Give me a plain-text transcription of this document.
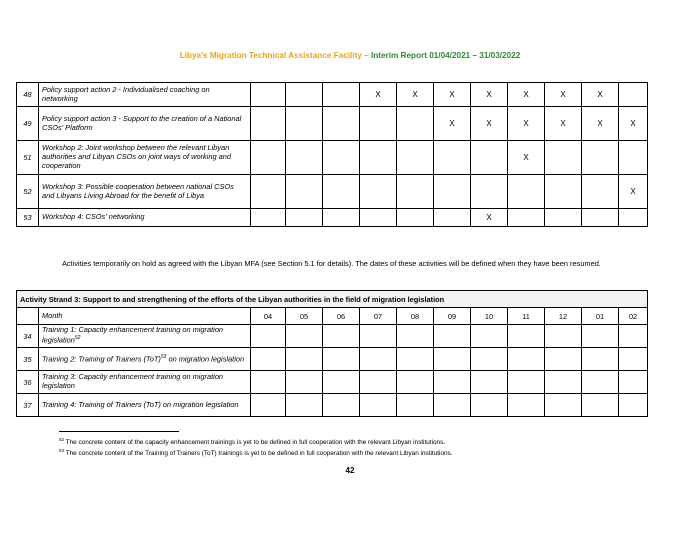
Libya's Migration Technical Assistance Facility – Interim Report 01/04/2021 – 31/03/2022
48	Policy support action 2 - Individualised coaching on networking				X	X	X	X	X	X	X	
49	Policy support action 3 - Support to the creation of a National CSOs' Platform						X	X	X	X	X	X
51	Workshop 2: Joint workshop between the relevant Libyan authorities and Libyan CSOs on joint ways of working and cooperation								X			
52	Workshop 3: Possible cooperation between national CSOs and Libyans Living Abroad for the benefit of Libya											X
53	Workshop 4: CSOs' networking							X				
Activities temporarily on hold as agreed with the Libyan MFA (see Section 5.1 for details). The dates of these activities will be defined when they have been resumed.
Activity Strand 3: Support to and strengthening of the efforts of the Libyan authorities in the field of migration legislation												
	Month	04	05	06	07	08	09	10	11	12	01	02
34	Training 1: Capacity enhancement training on migration legislation$^{52}$											
35	Training 2: Training of Trainers (ToT)$^{53}$ on migration legislation											
36	Training 3: Capacity enhancement training on migration legislation											
37	Training 4: Training of Trainers (ToT) on migration legislation											
$^{52}$ The concrete content of the capacity enhancement trainings is yet to be defined in full cooperation with the relevant Libyan institutions.
$^{53}$ The concrete content of the Training of Trainers (ToT) trainings is yet to be defined in full cooperation with the relevant Libyan institutions.
42
